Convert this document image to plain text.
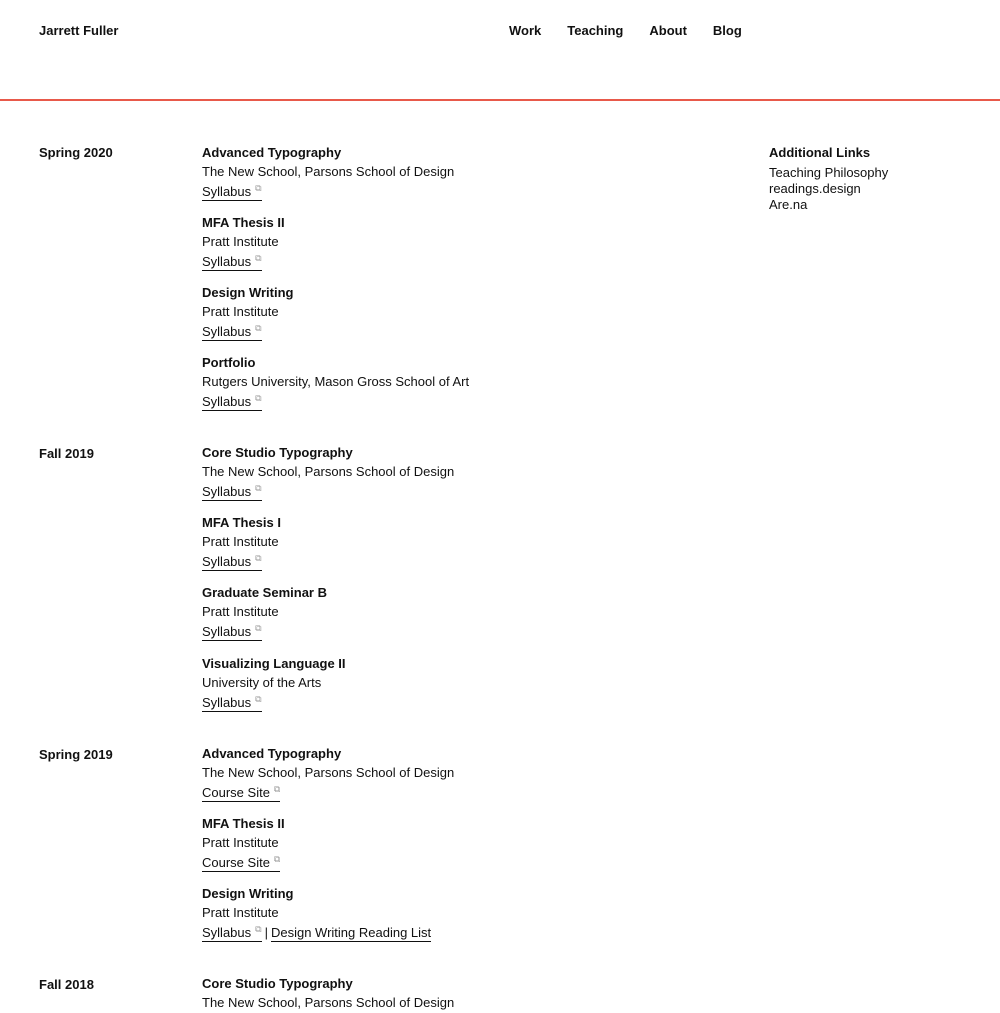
Jarrett Fuller	Work Teaching About Blog
Spring 2020	Advanced Typography
The New School, Parsons School of Design
Syllabus ⧉
MFA Thesis II
Pratt Institute
Syllabus ⧉
Design Writing
Pratt Institute
Syllabus ⧉
Portfolio
Rutgers University, Mason Gross School of Art
Syllabus ⧉
Fall 2019	Core Studio Typography
The New School, Parsons School of Design
Syllabus ⧉
MFA Thesis I
Pratt Institute
Syllabus ⧉
Graduate Seminar B
Pratt Institute
Syllabus ⧉
Visualizing Language II
University of the Arts
Syllabus ⧉
Spring 2019	Advanced Typography
The New School, Parsons School of Design
Course Site ⧉
MFA Thesis II
Pratt Institute
Course Site ⧉
Design Writing
Pratt Institute
Syllabus ⧉ | Design Writing Reading List
Fall 2018	Core Studio Typography
The New School, Parsons School of Design
Additional Links
Teaching Philosophy
readings.design
Are.na
